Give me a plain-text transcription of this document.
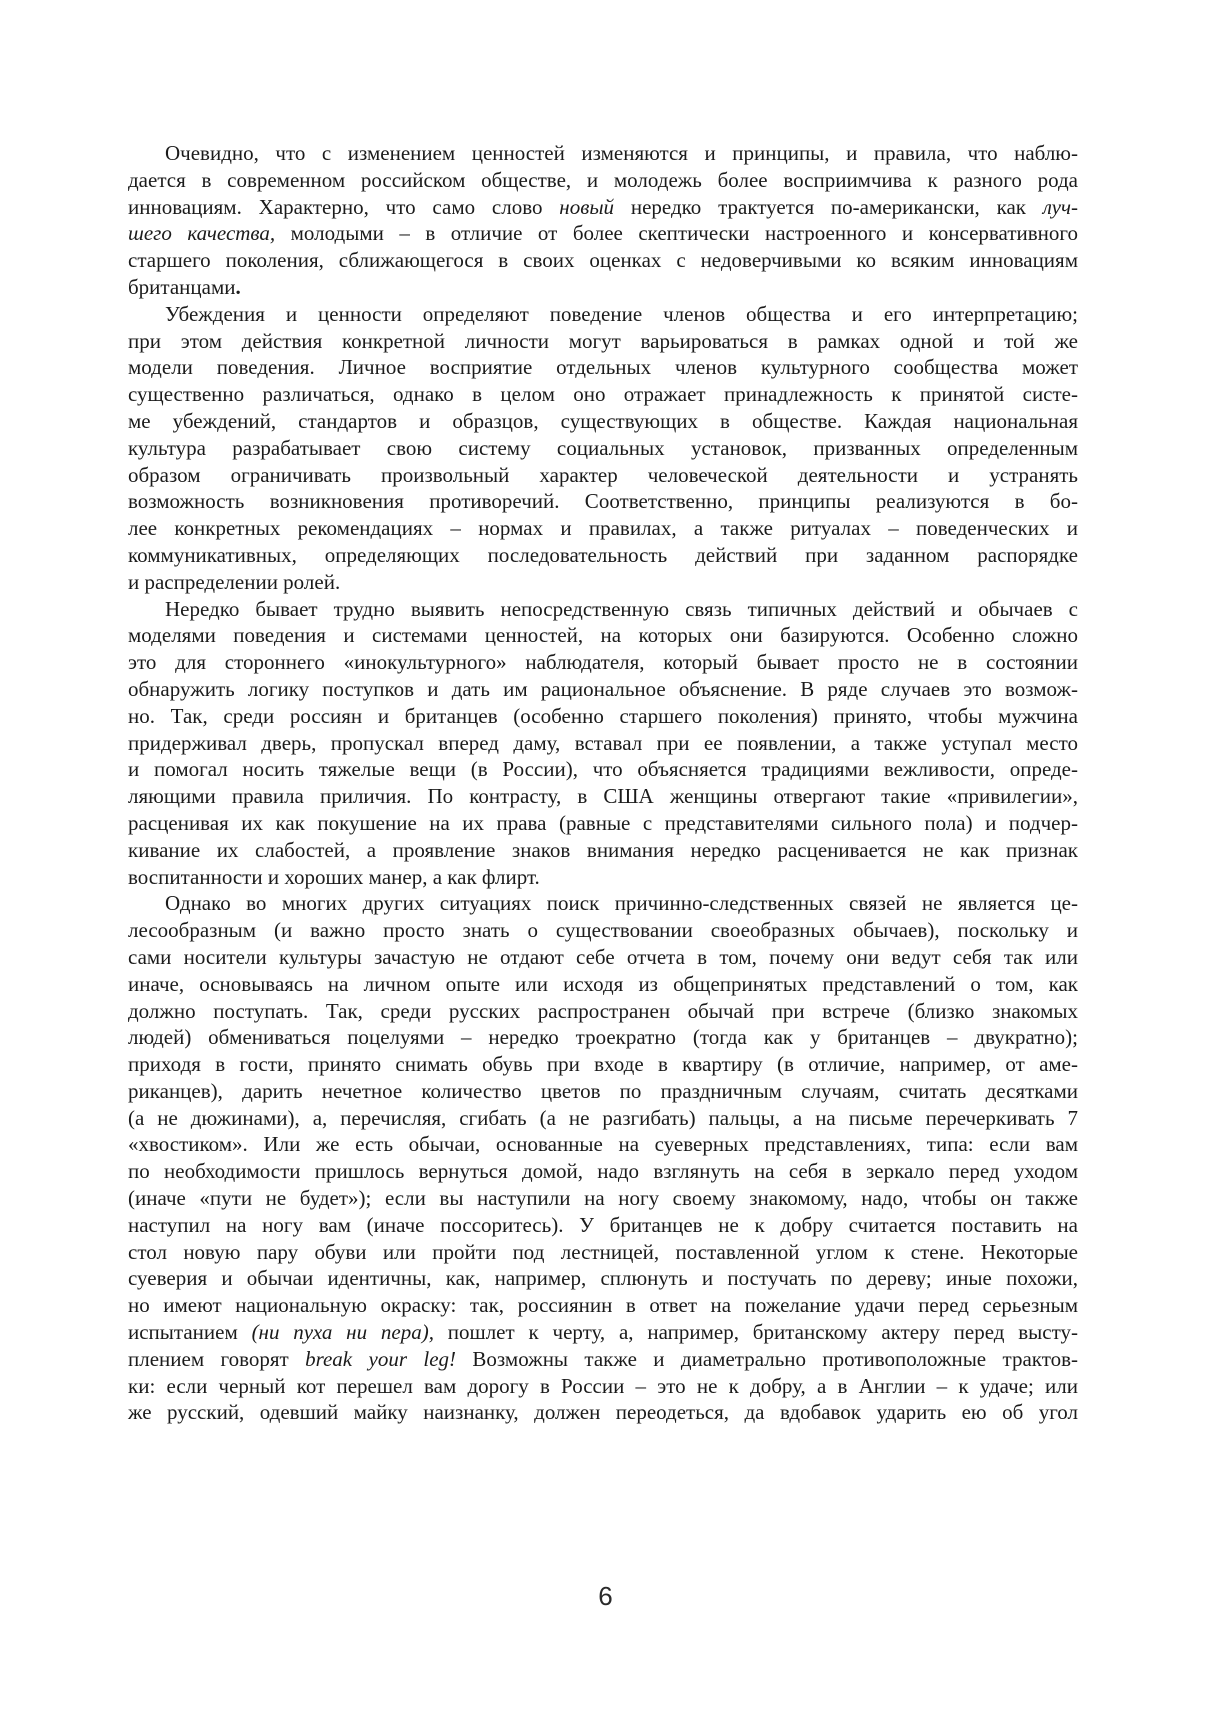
Очевидно, что с изменением ценностей изменяются и принципы, и правила, что наблю-
дается в современном российском обществе, и молодежь более восприимчива к разного рода
инновациям. Характерно, что само слово новый нередко трактуется по-американски, как луч-
шего качества, молодыми – в отличие от более скептически настроенного и консервативного
старшего поколения, сближающегося в своих оценках с недоверчивыми ко всяким инновациям
британцами.
Убеждения и ценности определяют поведение членов общества и его интерпретацию;
при этом действия конкретной личности могут варьироваться в рамках одной и той же
модели поведения. Личное восприятие отдельных членов культурного сообщества может
существенно различаться, однако в целом оно отражает принадлежность к принятой систе-
ме убеждений, стандартов и образцов, существующих в обществе. Каждая национальная
культура разрабатывает свою систему социальных установок, призванных определенным
образом ограничивать произвольный характер человеческой деятельности и устранять
возможность возникновения противоречий. Соответственно, принципы реализуются в бо-
лее конкретных рекомендациях – нормах и правилах, а также ритуалах – поведенческих и
коммуникативных, определяющих последовательность действий при заданном распорядке
и распределении ролей.
Нередко бывает трудно выявить непосредственную связь типичных действий и обычаев с
моделями поведения и системами ценностей, на которых они базируются. Особенно сложно
это для стороннего «инокультурного» наблюдателя, который бывает просто не в состоянии
обнаружить логику поступков и дать им рациональное объяснение. В ряде случаев это возмож-
но. Так, среди россиян и британцев (особенно старшего поколения) принято, чтобы мужчина
придерживал дверь, пропускал вперед даму, вставал при ее появлении, а также уступал место
и помогал носить тяжелые вещи (в России), что объясняется традициями вежливости, опреде-
ляющими правила приличия. По контрасту, в США женщины отвергают такие «привилегии»,
расценивая их как покушение на их права (равные с представителями сильного пола) и подчер-
кивание их слабостей, а проявление знаков внимания нередко расценивается не как признак
воспитанности и хороших манер, а как флирт.
Однако во многих других ситуациях поиск причинно-следственных связей не является це-
лесообразным (и важно просто знать о существовании своеобразных обычаев), поскольку и
сами носители культуры зачастую не отдают себе отчета в том, почему они ведут себя так или
иначе, основываясь на личном опыте или исходя из общепринятых представлений о том, как
должно поступать. Так, среди русских распространен обычай при встрече (близко знакомых
людей) обмениваться поцелуями – нередко троекратно (тогда как у британцев – двукратно);
приходя в гости, принято снимать обувь при входе в квартиру (в отличие, например, от аме-
риканцев), дарить нечетное количество цветов по праздничным случаям, считать десятками
(а не дюжинами), а, перечисляя, сгибать (а не разгибать) пальцы, а на письме перечеркивать 7
«хвостиком». Или же есть обычаи, основанные на суеверных представлениях, типа: если вам
по необходимости пришлось вернуться домой, надо взглянуть на себя в зеркало перед уходом
(иначе «пути не будет»); если вы наступили на ногу своему знакомому, надо, чтобы он также
наступил на ногу вам (иначе поссоритесь). У британцев не к добру считается поставить на
стол новую пару обуви или пройти под лестницей, поставленной углом к стене. Некоторые
суеверия и обычаи идентичны, как, например, сплюнуть и постучать по дереву; иные похожи,
но имеют национальную окраску: так, россиянин в ответ на пожелание удачи перед серьезным
испытанием (ни пуха ни пера), пошлет к черту, а, например, британскому актеру перед высту-
плением говорят break your leg! Возможны также и диаметрально противоположные трактов-
ки: если черный кот перешел вам дорогу в России – это не к добру, а в Англии – к удаче; или
же русский, одевший майку наизнанку, должен переодеться, да вдобавок ударить ею об угол
6
